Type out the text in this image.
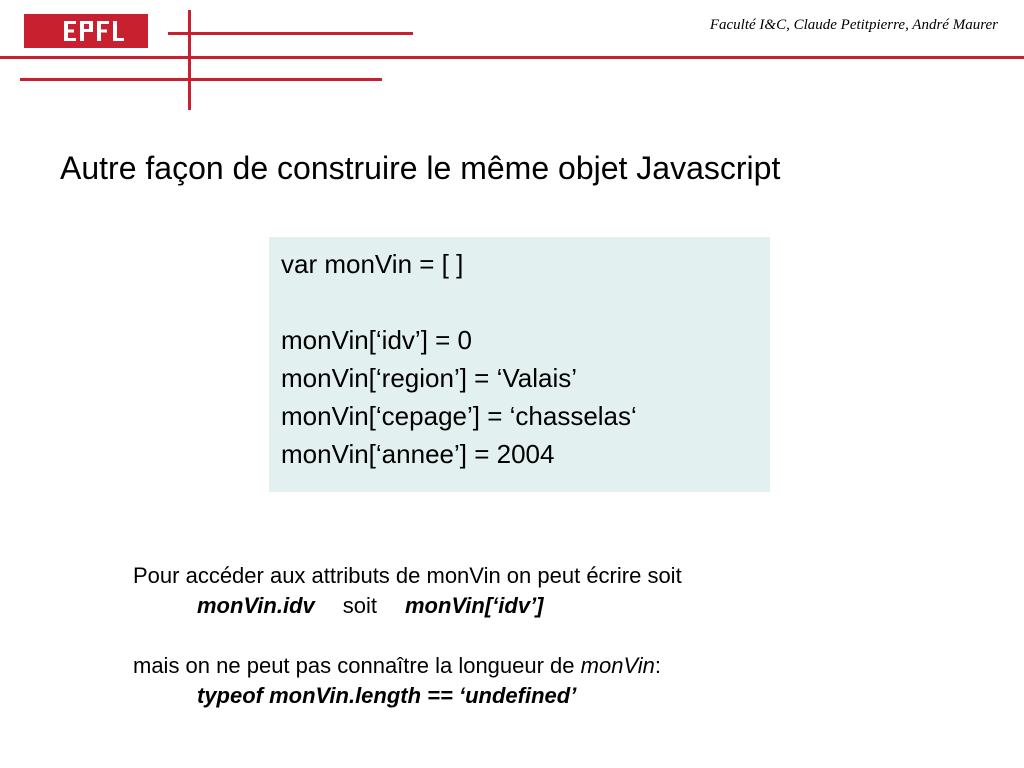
Faculté I&C, Claude Petitpierre, André Maurer
Autre façon de construire le même objet Javascript
var monVin = [ ]
monVin[‘idv’] = 0
monVin[‘region’] = ‘Valais’
monVin[‘cepage’] = ‘chasselas‘
monVin[‘annee’] = 2004
Pour accéder aux attributs de monVin on peut écrire soit
monVin.idv soit monVin[‘idv’]
mais on ne peut pas connaître la longueur de monVin:
typeof monVin.length == ‘undefined’
